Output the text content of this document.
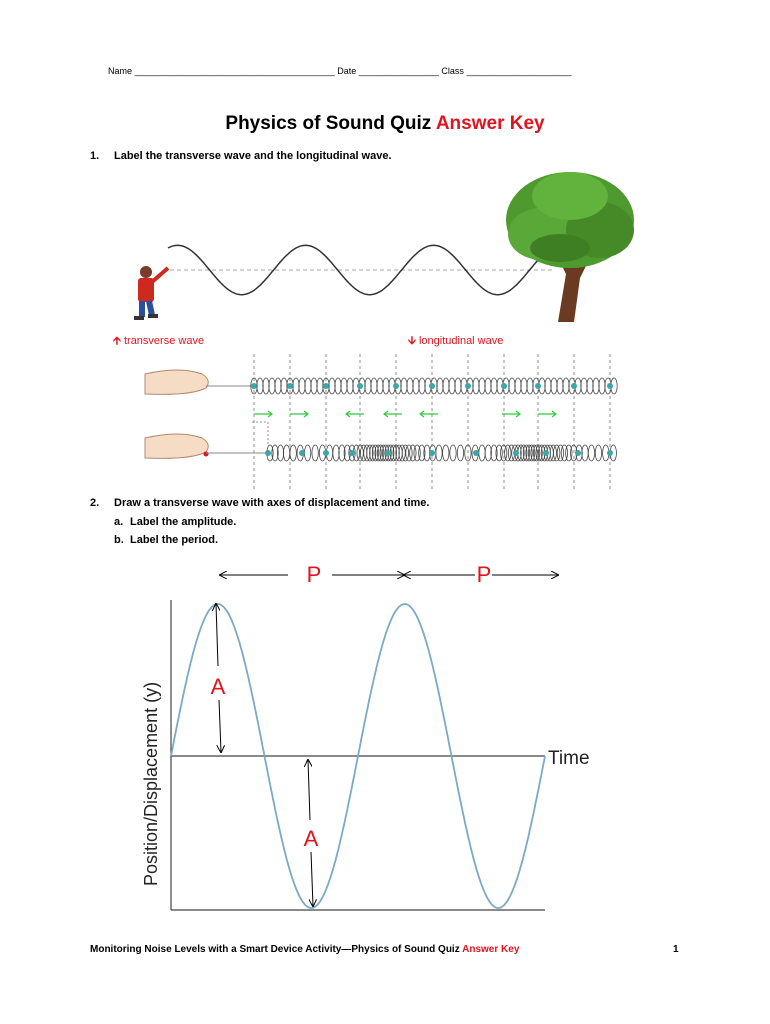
Name ________________________________________ Date ________________ Class _____________________
Physics of Sound Quiz Answer Key
1. Label the transverse wave and the longitudinal wave.
🡩 transverse wave	🡫 longitudinal wave
2. Draw a transverse wave with axes of displacement and time.
a. Label the amplitude.
b. Label the period.
Time
Position/Displacement (y)
P	P
A
A
Monitoring Noise Levels with a Smart Device Activity—Physics of Sound Quiz Answer Key	1
